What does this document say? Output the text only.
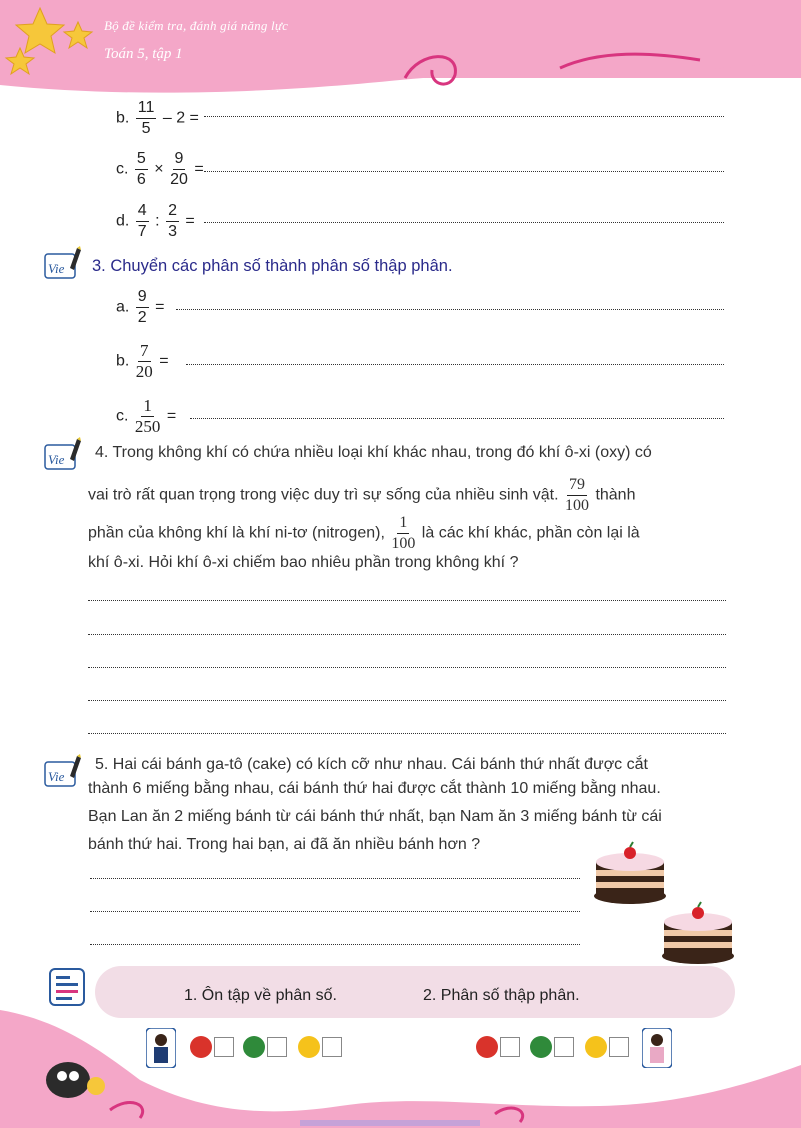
Bộ đề kiểm tra, đánh giá năng lực
Toán 5, tập 1
b. $\frac{11}{5} - 2$ =
c. $\frac{5}{6} \times \frac{9}{20}$ =
d. $\frac{4}{7}$ : $\frac{2}{3}$ =
Vie 3. Chuyển các phân số thành phân số thập phân.
a. $\frac{9}{2}$ =
b. $\frac{7}{20}$ =
c. $\frac{1}{250}$ =
Vie 4. Trong không khí có chứa nhiều loại khí khác nhau, trong đó khí ô-xi (oxy) có
vai trò rất quan trọng trong việc duy trì sự sống của nhiều sinh vật. $\frac{79}{100}$ thành
phần của không khí là khí ni-tơ (nitrogen), $\frac{1}{100}$ là các khí khác, phần còn lại là
khí ô-xi. Hỏi khí ô-xi chiếm bao nhiêu phần trong không khí ?
Vie
5. Hai cái bánh ga-tô (cake) có kích cỡ như nhau. Cái bánh thứ nhất được cắt
thành 6 miếng bằng nhau, cái bánh thứ hai được cắt thành 10 miếng bằng nhau.
Bạn Lan ăn 2 miếng bánh từ cái bánh thứ nhất, bạn Nam ăn 3 miếng bánh từ cái
bánh thứ hai. Trong hai bạn, ai đã ăn nhiều bánh hơn ?
1. Ôn tập về phân số.	2. Phân số thập phân.
